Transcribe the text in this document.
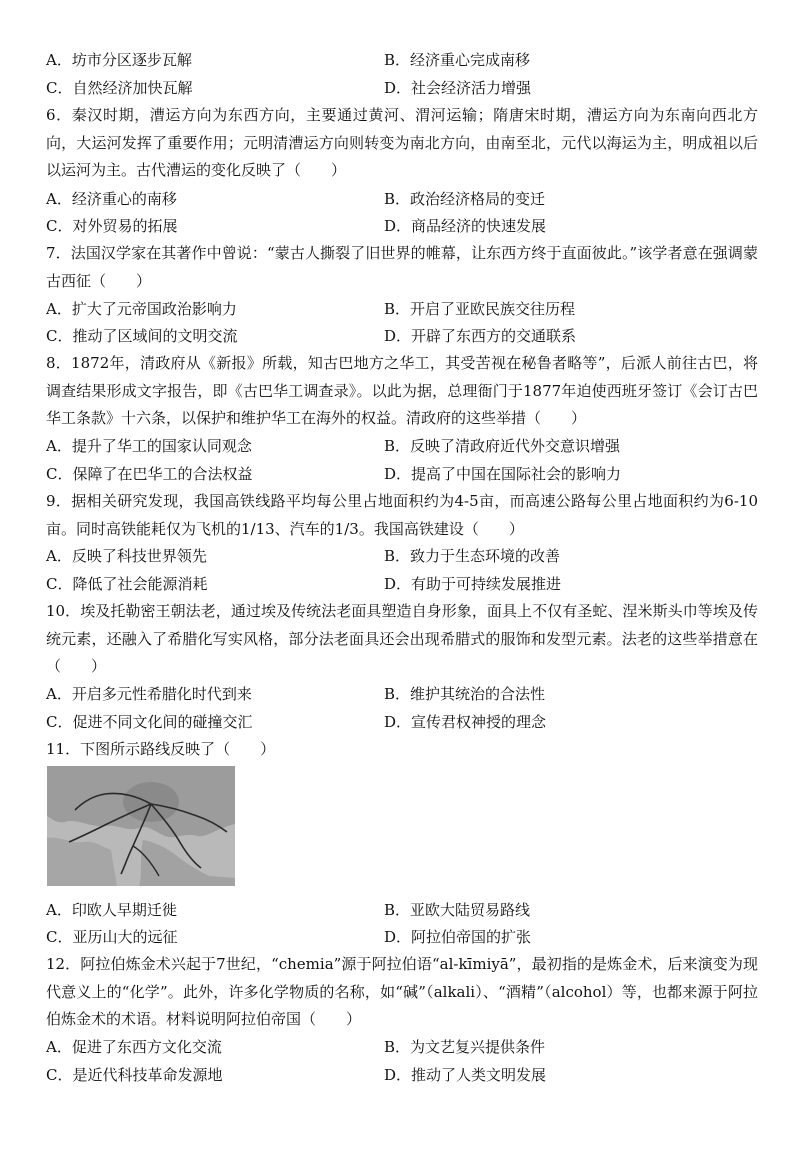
A．坊市分区逐步瓦解	B．经济重心完成南移
C．自然经济加快瓦解	D．社会经济活力增强
6．秦汉时期，漕运方向为东西方向，主要通过黄河、渭河运输；隋唐宋时期，漕运方向为东南向西北方向，大运河发挥了重要作用；元明清漕运方向则转变为南北方向，由南至北，元代以海运为主，明成祖以后以运河为主。古代漕运的变化反映了（　　）
A．经济重心的南移	B．政治经济格局的变迁
C．对外贸易的拓展	D．商品经济的快速发展
7．法国汉学家在其著作中曾说：“蒙古人撕裂了旧世界的帷幕，让东西方终于直面彼此。”该学者意在强调蒙古西征（　　）
A．扩大了元帝国政治影响力	B．开启了亚欧民族交往历程
C．推动了区域间的文明交流	D．开辟了东西方的交通联系
8．1872年，清政府从《新报》所载，知古巴地方之华工，其受苦视在秘鲁者略等”，后派人前往古巴，将调查结果形成文字报告，即《古巴华工调查录》。以此为据，总理衙门于1877年迫使西班牙签订《会订古巴华工条款》十六条，以保护和维护华工在海外的权益。清政府的这些举措（　　）
A．提升了华工的国家认同观念	B．反映了清政府近代外交意识增强
C．保障了在巴华工的合法权益	D．提高了中国在国际社会的影响力
9．据相关研究发现，我国高铁线路平均每公里占地面积约为4-5亩，而高速公路每公里占地面积约为6-10亩。同时高铁能耗仅为飞机的1/13、汽车的1/3。我国高铁建设（　　）
A．反映了科技世界领先	B．致力于生态环境的改善
C．降低了社会能源消耗	D．有助于可持续发展推进
10．埃及托勒密王朝法老，通过埃及传统法老面具塑造自身形象，面具上不仅有圣蛇、涅米斯头巾等埃及传统元素，还融入了希腊化写实风格，部分法老面具还会出现希腊式的服饰和发型元素。法老的这些举措意在（　　）
A．开启多元性希腊化时代到来	B．维护其统治的合法性
C．促进不同文化间的碰撞交汇	D．宣传君权神授的理念
11．下图所示路线反映了（　　）
A．印欧人早期迁徙	B．亚欧大陆贸易路线
C．亚历山大的远征	D．阿拉伯帝国的扩张
12．阿拉伯炼金术兴起于7世纪，“chemia”源于阿拉伯语“al-kīmiyā”，最初指的是炼金术，后来演变为现代意义上的“化学”。此外，许多化学物质的名称，如“碱”（alkali）、“酒精”（alcohol）等，也都来源于阿拉伯炼金术的术语。材料说明阿拉伯帝国（　　）
A．促进了东西方文化交流	B．为文艺复兴提供条件
C．是近代科技革命发源地	D．推动了人类文明发展
